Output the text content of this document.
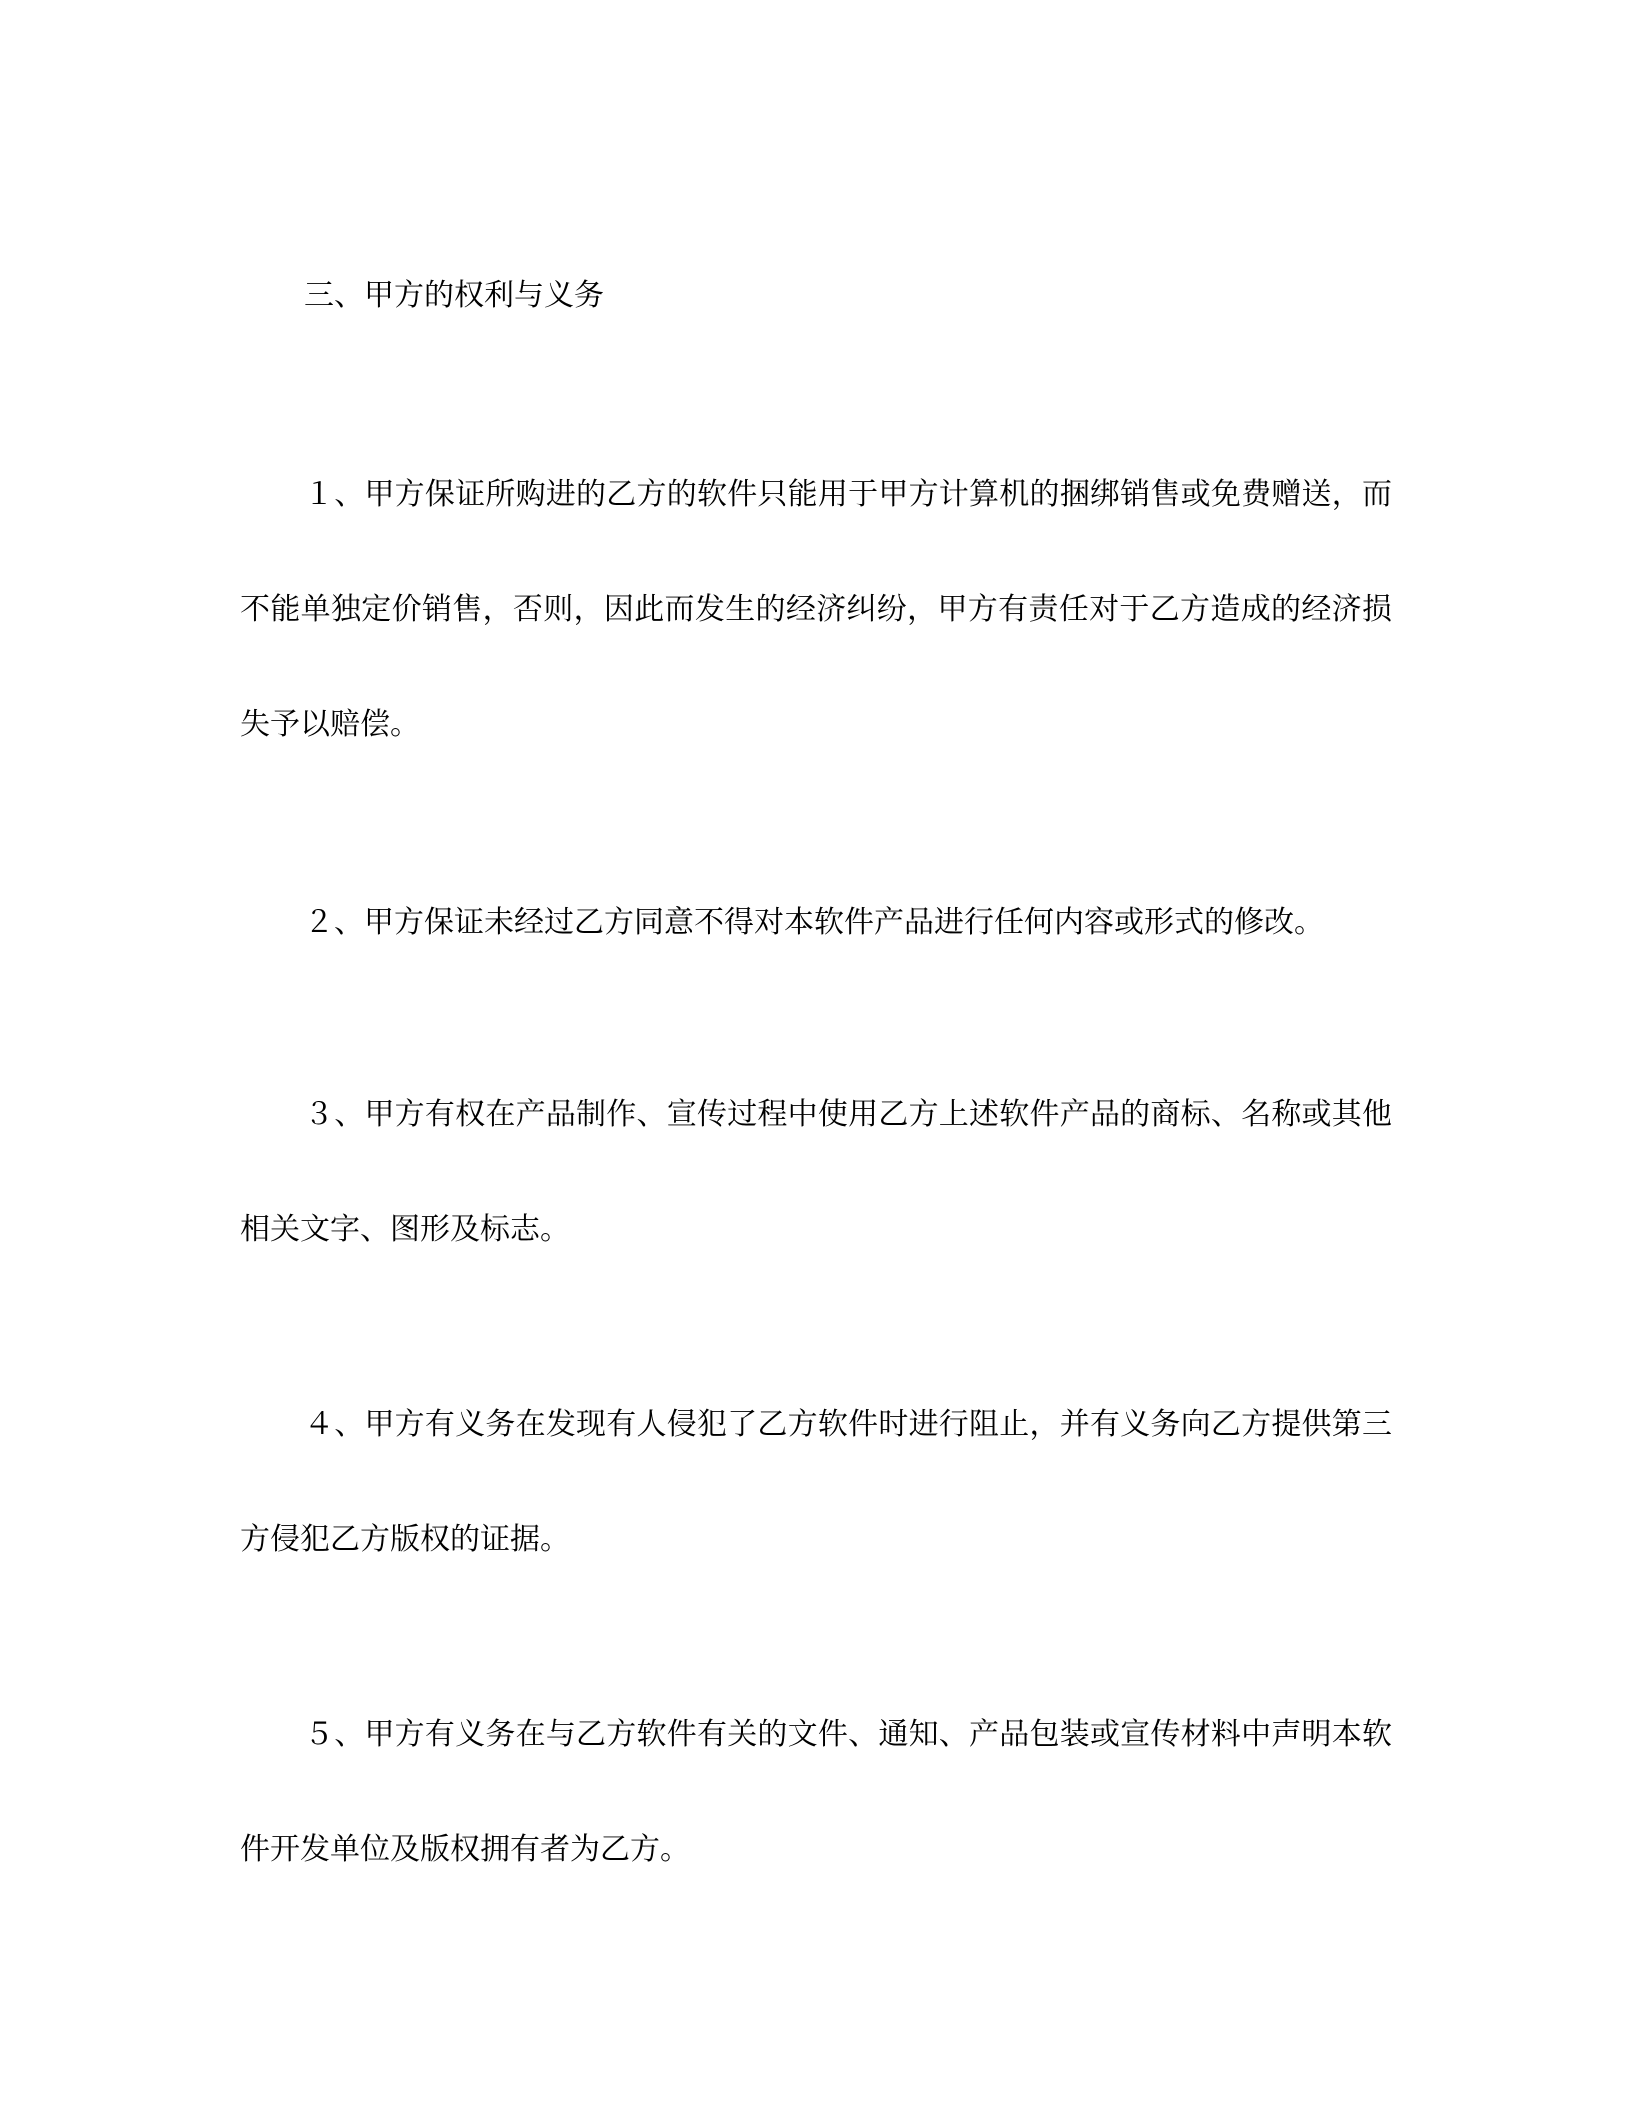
三、甲方的权利与义务

１、甲方保证所购进的乙方的软件只能用于甲方计算机的捆绑销售或免费赠送，而不能单独定价销售，否则，因此而发生的经济纠纷，甲方有责任对于乙方造成的经济损失予以赔偿。

２、甲方保证未经过乙方同意不得对本软件产品进行任何内容或形式的修改。

３、甲方有权在产品制作、宣传过程中使用乙方上述软件产品的商标、名称或其他相关文字、图形及标志。

４、甲方有义务在发现有人侵犯了乙方软件时进行阻止，并有义务向乙方提供第三方侵犯乙方版权的证据。

５、甲方有义务在与乙方软件有关的文件、通知、产品包装或宣传材料中声明本软件开发单位及版权拥有者为乙方。
